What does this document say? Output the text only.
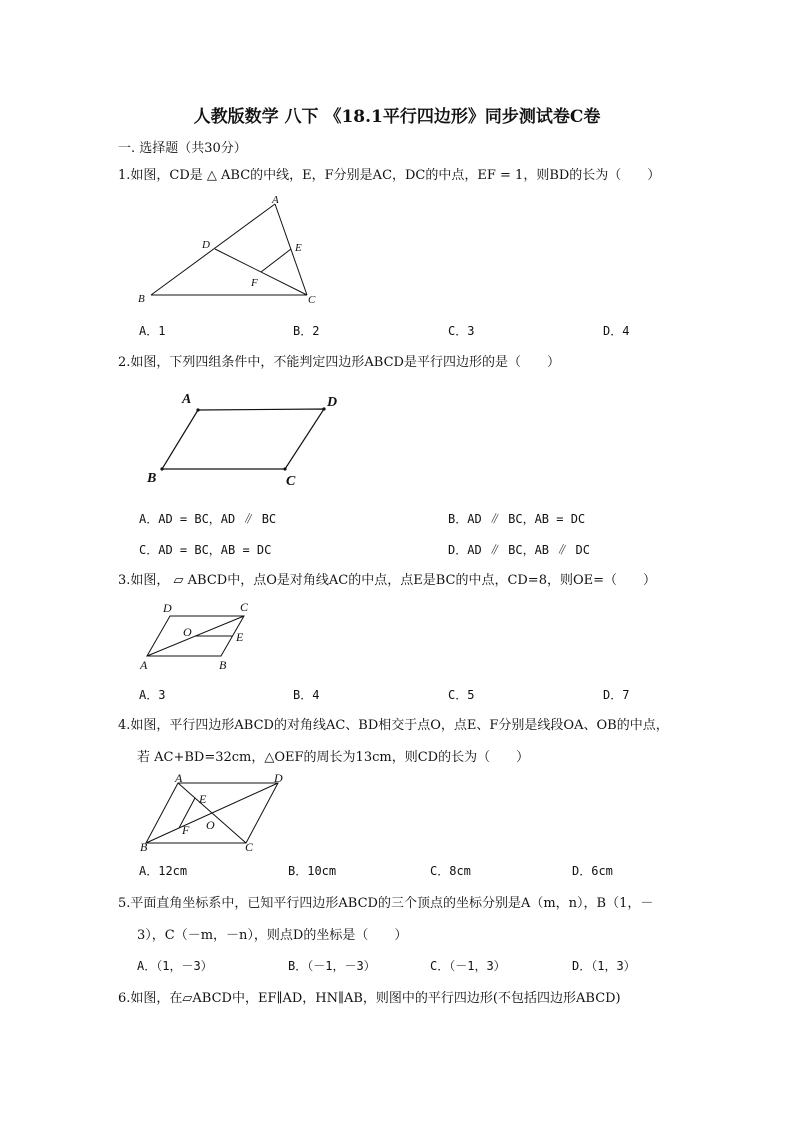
人教版数学 八下 《18.1平行四边形》同步测试卷C卷
一. 选择题（共30分）
1.如图，CD是 △ ABC的中线，E，F分别是AC，DC的中点，EF = 1，则BD的长为（　　）
A
D	E
F
B	C
A．1	B．2	C．3	D．4
2.如图，下列四组条件中，不能判定四边形ABCD是平行四边形的是（　　）
A	D
B	C
A．AD = BC，AD ∥ BC	B．AD ∥ BC，AB = DC
C．AD = BC，AB = DC	D．AD ∥ BC，AB ∥ DC
3.如图， ▱ ABCD中，点O是对角线AC的中点，点E是BC的中点，CD=8，则OE=（　　）
D	C
O	E
A	B
A．3	B．4	C．5	D．7
4.如图，平行四边形ABCD的对角线AC、BD相交于点O，点E、F分别是线段OA、OB的中点，
若 AC+BD=32cm，△OEF的周长为13cm，则CD的长为（　　）
A	D
E
O
F
B	C
A．12cm	B．10cm	C．8cm	D．6cm
5.平面直角坐标系中，已知平行四边形ABCD的三个顶点的坐标分别是A（m，n），B（1，－
3），C（－m，－n），则点D的坐标是（　　）
A．（1，－3）	B．（－1，－3）	C．（－1，3）	D．（1，3）
6.如图，在▱ABCD中，EF∥AD，HN∥AB，则图中的平行四边形(不包括四边形ABCD)
